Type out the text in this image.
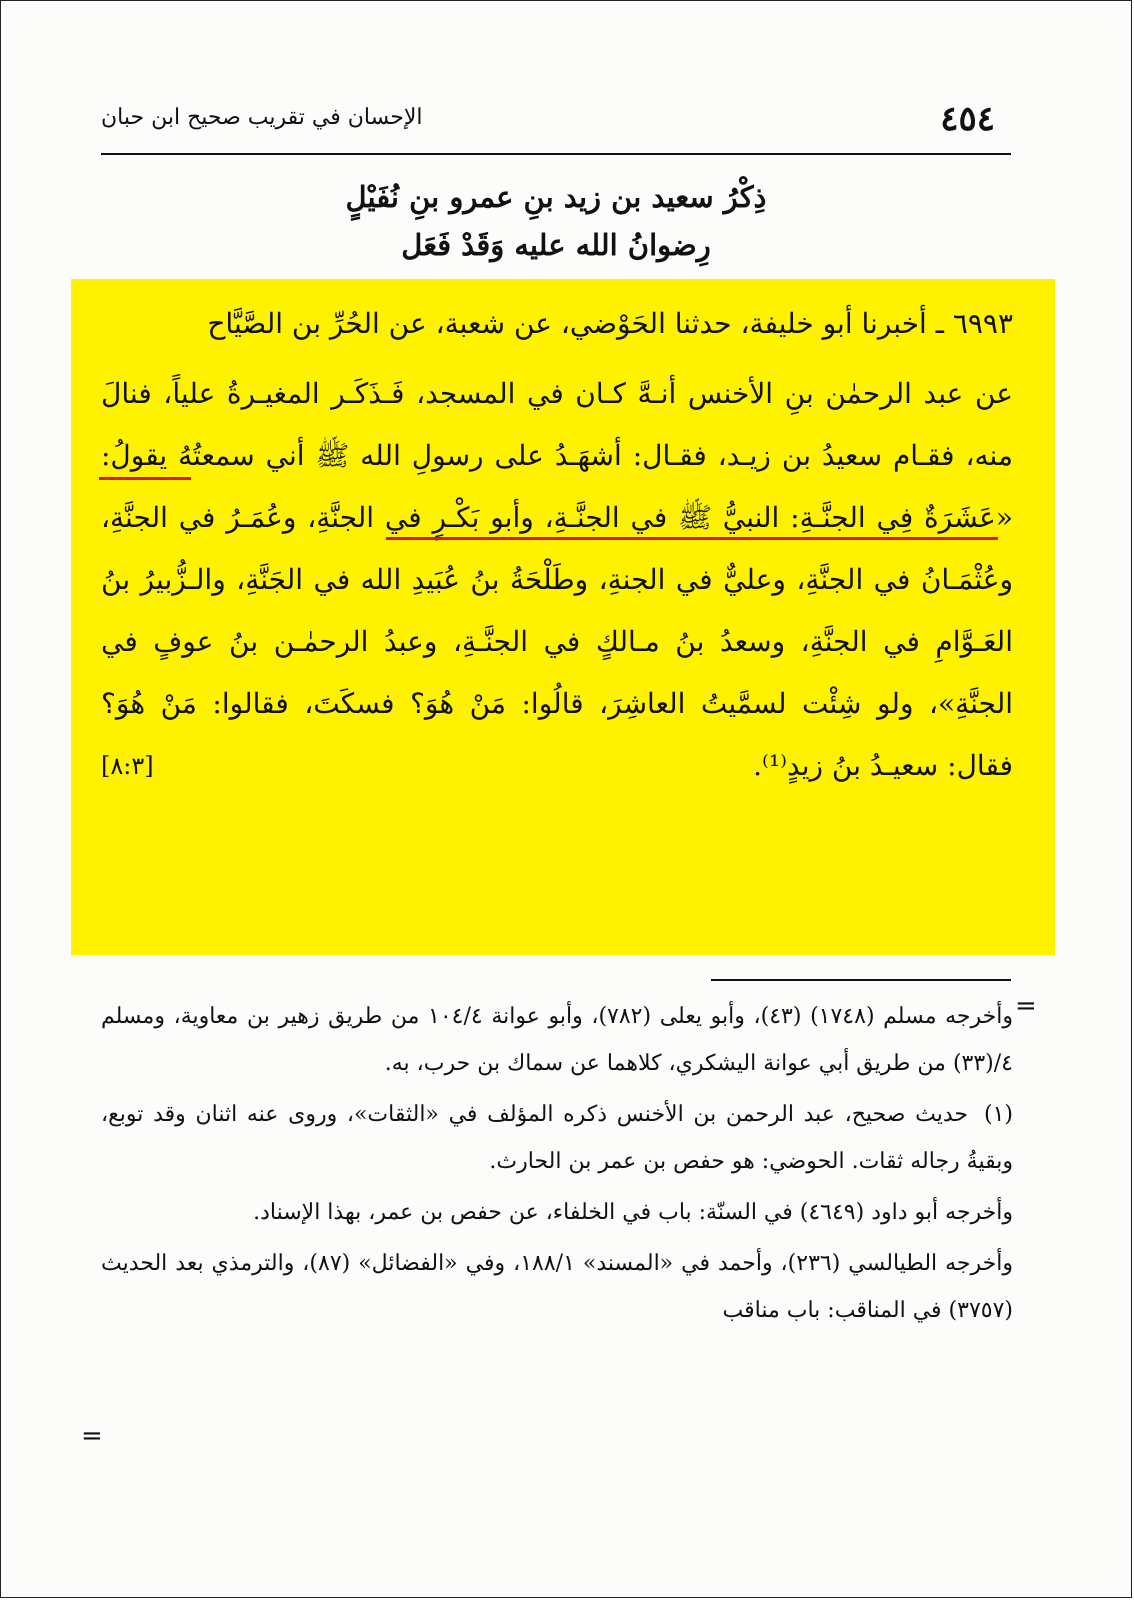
٤٥٤
الإحسان في تقريب صحيح ابن حبان
ذِكْرُ سعيد بن زيد بنِ عمرو بنِ نُفَيْلٍ
رِضوانُ الله عليه وَقَدْ فَعَل

٦٩٩٣ ـ أخبرنا أبو خليفة، حدثنا الحَوْضي، عن شعبة، عن الحُرِّ بن الصَّيَّاح

عن عبد الرحمٰن بنِ الأخنس أنـهَّ كـان في المسجد، فَـذَكَـر المغيـرةُ علياً، فنالَ منه، فقـام سعيدُ بن زيـد، فقـال: أشهَـدُ على رسولِ الله ﷺ أني سمعتُهُ يقولُ: «عَشَرَةٌ فِي الجنَّـةِ: النبيُّ ﷺ في الجنَّـةِ، وأبو بَكْـرٍ في الجنَّةِ، وعُمَـرُ في الجنَّةِ، وعُثْمَـانُ في الجنَّةِ، وعليٌّ في الجنةِ، وطَلْحَةُ بنُ عُبَيدِ الله في الجَنَّةِ، والـزُّبيرُ بنُ العَـوَّامِ في الجنَّةِ، وسعدُ بنُ مـالكٍ في الجنَّـةِ، وعبدُ الرحمٰـن بنُ عوفٍ في الجنَّةِ»، ولو شِئْت لسمَّيتُ العاشِرَ، قالُوا: مَنْ هُوَ؟ فسكَتَ، فقالوا: مَنْ هُوَ؟ فقال: سعيـدُ بنُ زيدٍ⁽¹⁾.
[٨:٣]

=

وأخرجه مسلم (١٧٤٨) (٤٣)، وأبو يعلى (٧٨٢)، وأبو عوانة ١٠٤/٤ من طريق زهير بن معاوية، ومسلم ٤/(٣٣) من طريق أبي عوانة اليشكري، كلاهما عن سماك بن حرب، به.

(١)حديث صحيح، عبد الرحمن بن الأخنس ذكره المؤلف في «الثقات»، وروى عنه اثنان وقد توبع، وبقيةُ رجاله ثقات. الحوضي: هو حفص بن عمر بن الحارث.

وأخرجه أبو داود (٤٦٤٩) في السنّة: باب في الخلفاء، عن حفص بن عمر، بهذا الإسناد.

وأخرجه الطيالسي (٢٣٦)، وأحمد في «المسند» ١٨٨/١، وفي «الفضائل» (٨٧)، والترمذي بعد الحديث (٣٧٥٧) في المناقب: باب مناقب

=
